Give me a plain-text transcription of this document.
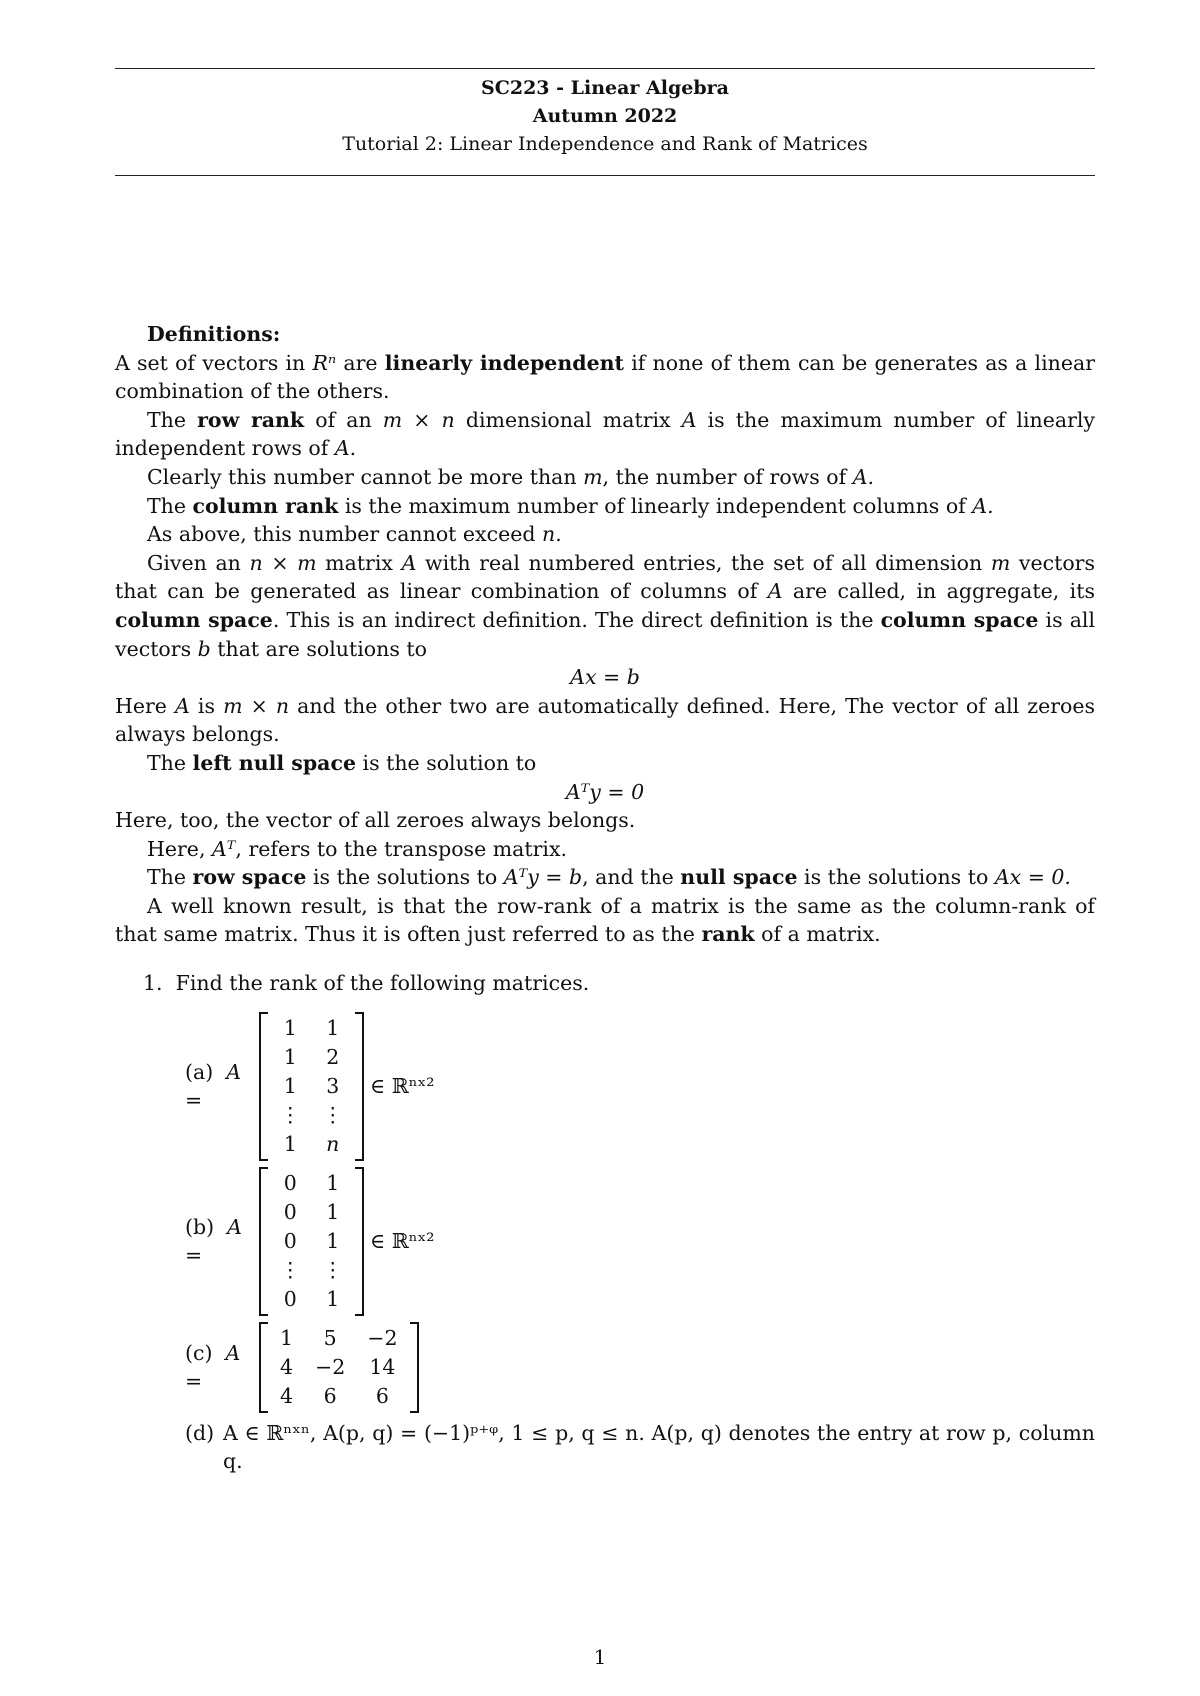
SC223 - Linear Algebra
Autumn 2022
Tutorial 2: Linear Independence and Rank of Matrices

Definitions:

A set of vectors in Rⁿ are linearly independent if none of them can be generates as a linear combination of the others.

The row rank of an m × n dimensional matrix A is the maximum number of linearly independent rows of A.

Clearly this number cannot be more than m, the number of rows of A.

The column rank is the maximum number of linearly independent columns of A.

As above, this number cannot exceed n.

Given an n × m matrix A with real numbered entries, the set of all dimension m vectors that can be generated as linear combination of columns of A are called, in aggregate, its column space. This is an indirect definition. The direct definition is the column space is all vectors b that are solutions to

Ax = b

Here A is m × n and the other two are automatically defined. Here, The vector of all zeroes always belongs.

The left null space is the solution to

Aᵀy = 0

Here, too, the vector of all zeroes always belongs.

Here, Aᵀ, refers to the transpose matrix.

The row space is the solutions to Aᵀy = b, and the null space is the solutions to Ax = 0.

A well known result, is that the row-rank of a matrix is the same as the column-rank of that same matrix. Thus it is often just referred to as the rank of a matrix.

1. Find the rank of the following matrices.

(a) A =
1 1
1 2
1 3
⋮ ⋮
1 n
∈ ℝⁿˣ²
(b) A =
0 1
0 1
0 1
⋮ ⋮
0 1
∈ ℝⁿˣ²
(c) A =
1	5	−2
4 −2 14
4	6	6
(d) A ∈ ℝⁿˣⁿ, A(p, q) = (−1)ᵖ⁺ᵠ, 1 ≤ p, q ≤ n. A(p, q) denotes the entry at row p, column q.
1
